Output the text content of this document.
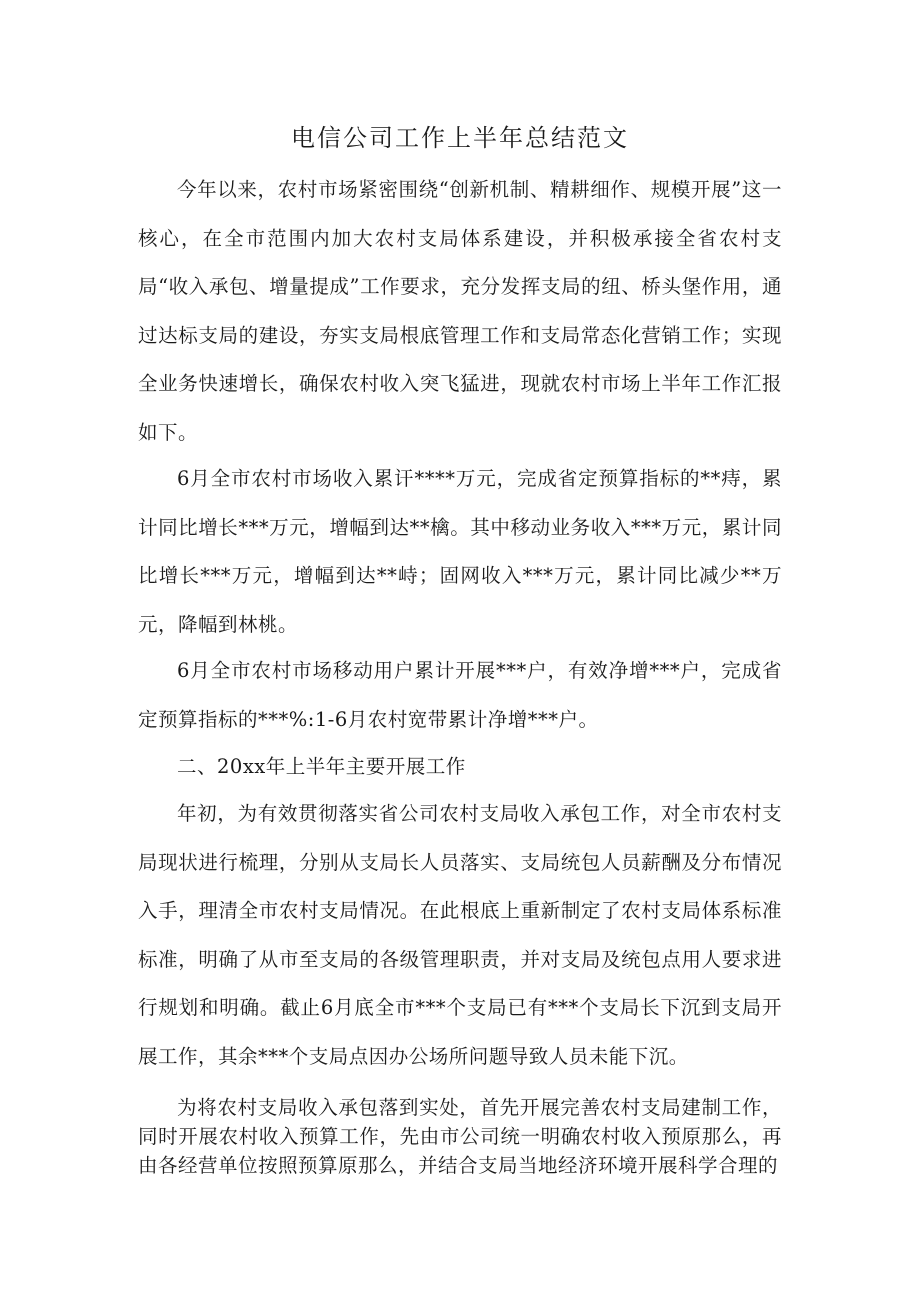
电信公司工作上半年总结范文

今年以来，农村市场紧密围绕“创新机制、精耕细作、规模开展”这一核心，在全市范围内加大农村支局体系建设，并积极承接全省农村支局“收入承包、增量提成”工作要求，充分发挥支局的纽、桥头堡作用，通过达标支局的建设，夯实支局根底管理工作和支局常态化营销工作；实现全业务快速增长，确保农村收入突飞猛进，现就农村市场上半年工作汇报如下。

6月全市农村市场收入累讦****万元，完成省定预算指标的**痔，累计同比增长***万元，增幅到达**檎。其中移动业务收入***万元，累计同比增长***万元，增幅到达**峙；固网收入***万元，累计同比减少**万元，降幅到林桃。

6月全市农村市场移动用户累计开展***户，有效净增***户，完成省定预算指标的***%:1-6月农村宽带累计净增***户。

二、20xx年上半年主要开展工作

年初，为有效贯彻落实省公司农村支局收入承包工作，对全市农村支局现状进行梳理，分别从支局长人员落实、支局统包人员薪酬及分布情况入手，理清全市农村支局情况。在此根底上重新制定了农村支局体系标准标准，明确了从市至支局的各级管理职责，并对支局及统包点用人要求进行规划和明确。截止6月底全市***个支局已有***个支局长下沉到支局开展工作，其余***个支局点因办公场所问题导致人员未能下沉。

为将农村支局收入承包落到实处，首先开展完善农村支局建制工作，同时开展农村收入预算工作，先由市公司统一明确农村收入预原那么，再由各经营单位按照预算原那么，并结合支局当地经济环境开展科学合理的
